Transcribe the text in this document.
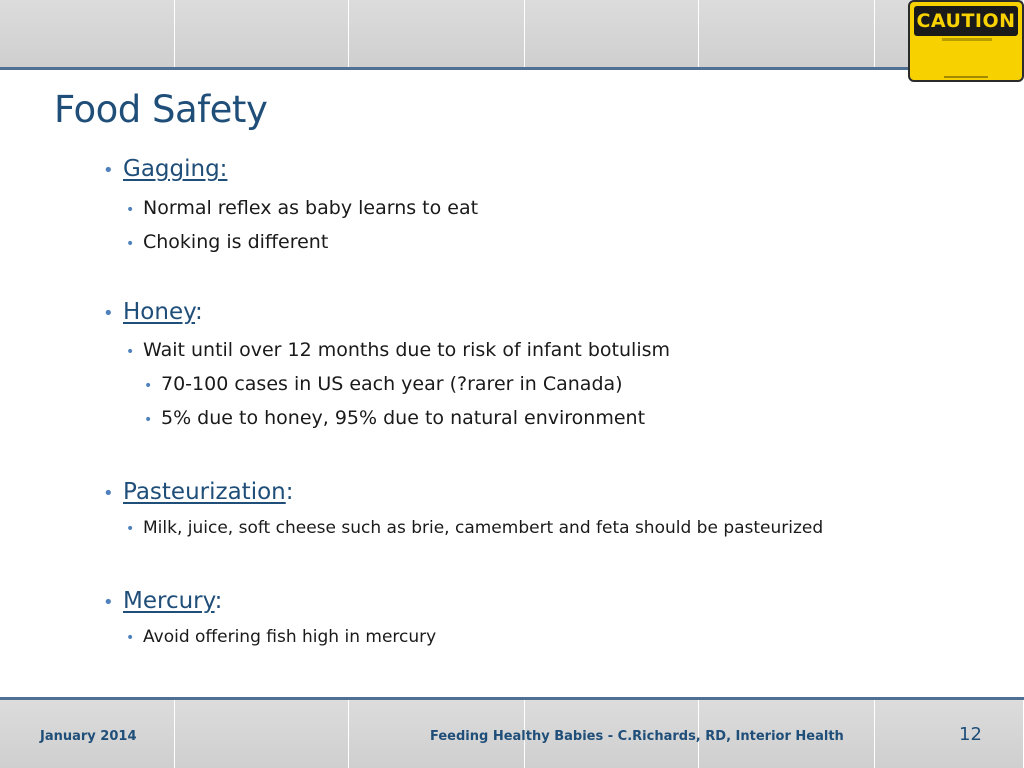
CAUTION
Food Safety
• Gagging:
• Normal reflex as baby learns to eat
• Choking is different
• Honey:
• Wait until over 12 months due to risk of infant botulism
• 70-100 cases in US each year (?rarer in Canada)
• 5% due to honey, 95% due to natural environment
• Pasteurization:
• Milk, juice, soft cheese such as brie, camembert and feta should be pasteurized
• Mercury:
• Avoid offering fish high in mercury
January 2014	Feeding Healthy Babies - C.Richards, RD, Interior Health	12
